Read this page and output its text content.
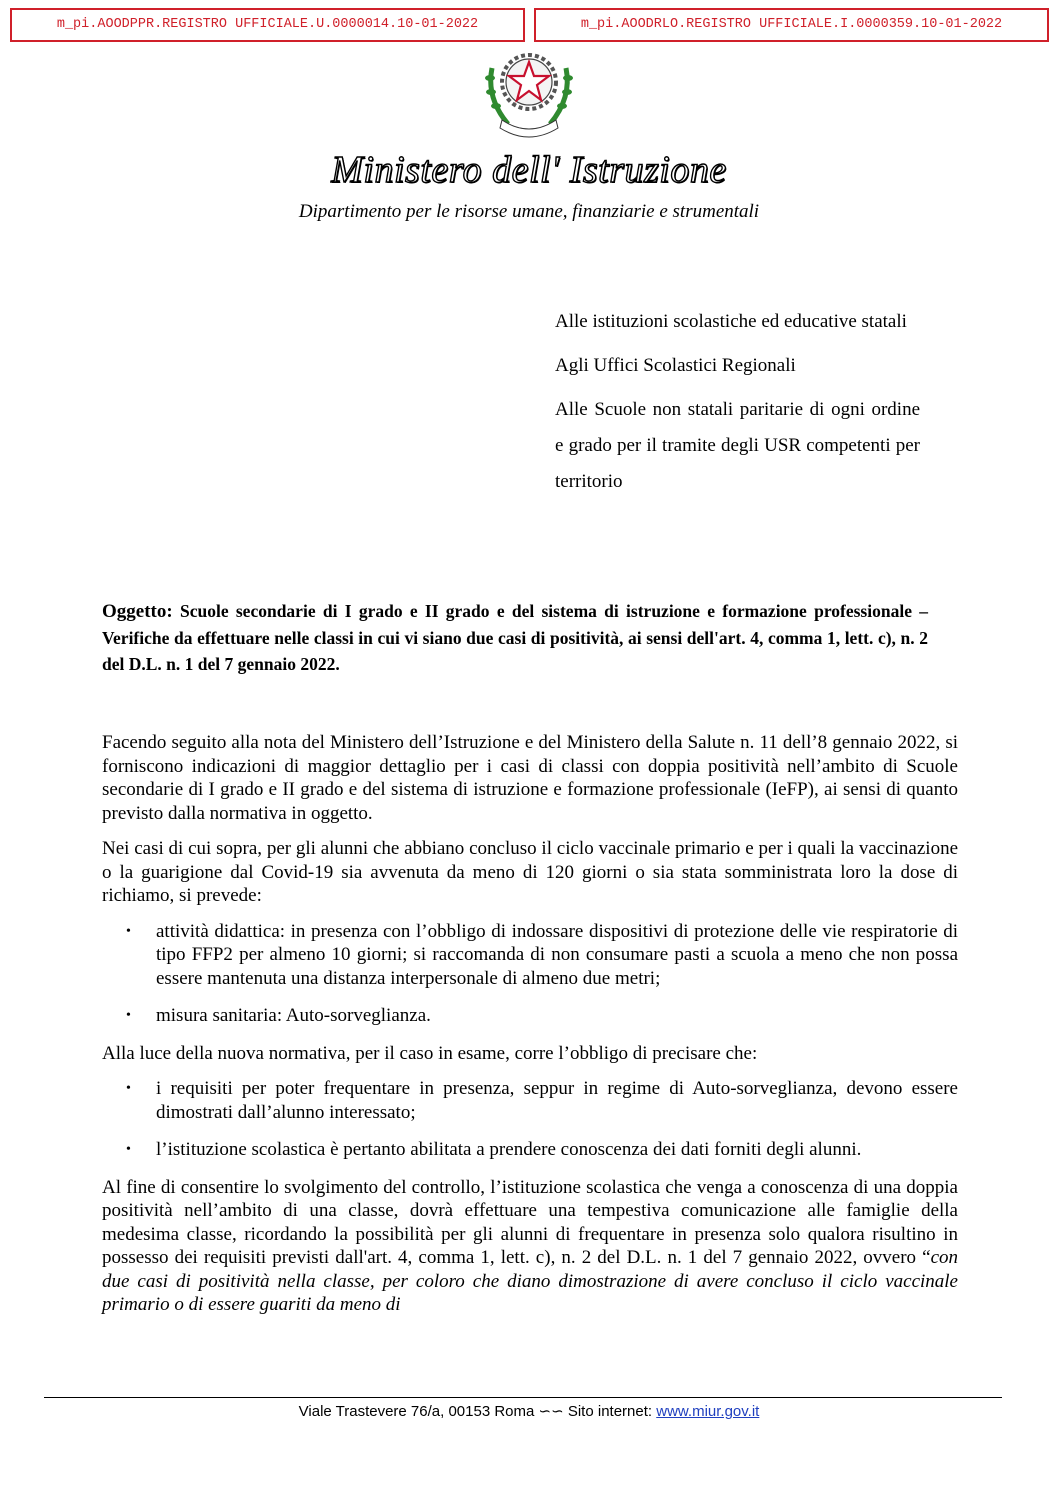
m_pi.AOODPPR.REGISTRO UFFICIALE.U.0000014.10-01-2022	m_pi.AOODRLO.REGISTRO UFFICIALE.I.0000359.10-01-2022
Ministero dell' Istruzione
Dipartimento per le risorse umane, finanziarie e strumentali

Alle istituzioni scolastiche ed educative statali

Agli Uffici Scolastici Regionali

Alle Scuole non statali paritarie di ogni ordine e grado per il tramite degli USR competenti per territorio

Oggetto: Scuole secondarie di I grado e II grado e del sistema di istruzione e formazione professionale – Verifiche da effettuare nelle classi in cui vi siano due casi di positività, ai sensi dell'art. 4, comma 1, lett. c), n. 2 del D.L. n. 1 del 7 gennaio 2022.

Facendo seguito alla nota del Ministero dell’Istruzione e del Ministero della Salute n. 11 dell’8 gennaio 2022, si forniscono indicazioni di maggior dettaglio per i casi di classi con doppia positività nell’ambito di Scuole secondarie di I grado e II grado e del sistema di istruzione e formazione professionale (IeFP), ai sensi di quanto previsto dalla normativa in oggetto.

Nei casi di cui sopra, per gli alunni che abbiano concluso il ciclo vaccinale primario e per i quali la vaccinazione o la guarigione dal Covid-19 sia avvenuta da meno di 120 giorni o sia stata somministrata loro la dose di richiamo, si prevede:

• attività didattica: in presenza con l’obbligo di indossare dispositivi di protezione delle vie respiratorie di tipo FFP2 per almeno 10 giorni; si raccomanda di non consumare pasti a scuola a meno che non possa essere mantenuta una distanza interpersonale di almeno due metri;
• misura sanitaria: Auto-sorveglianza.

Alla luce della nuova normativa, per il caso in esame, corre l’obbligo di precisare che:

• i requisiti per poter frequentare in presenza, seppur in regime di Auto-sorveglianza, devono essere dimostrati dall’alunno interessato;
• l’istituzione scolastica è pertanto abilitata a prendere conoscenza dei dati forniti degli alunni.

Al fine di consentire lo svolgimento del controllo, l’istituzione scolastica che venga a conoscenza di una doppia positività nell’ambito di una classe, dovrà effettuare una tempestiva comunicazione alle famiglie della medesima classe, ricordando la possibilità per gli alunni di frequentare in presenza solo qualora risultino in possesso dei requisiti previsti dall'art. 4, comma 1, lett. c), n. 2 del D.L. n. 1 del 7 gennaio 2022, ovvero “con due casi di positività nella classe, per coloro che diano dimostrazione di avere concluso il ciclo vaccinale primario o di essere guariti da meno di

Viale Trastevere 76/a, 00153 Roma ∽∽ Sito internet: www.miur.gov.it
